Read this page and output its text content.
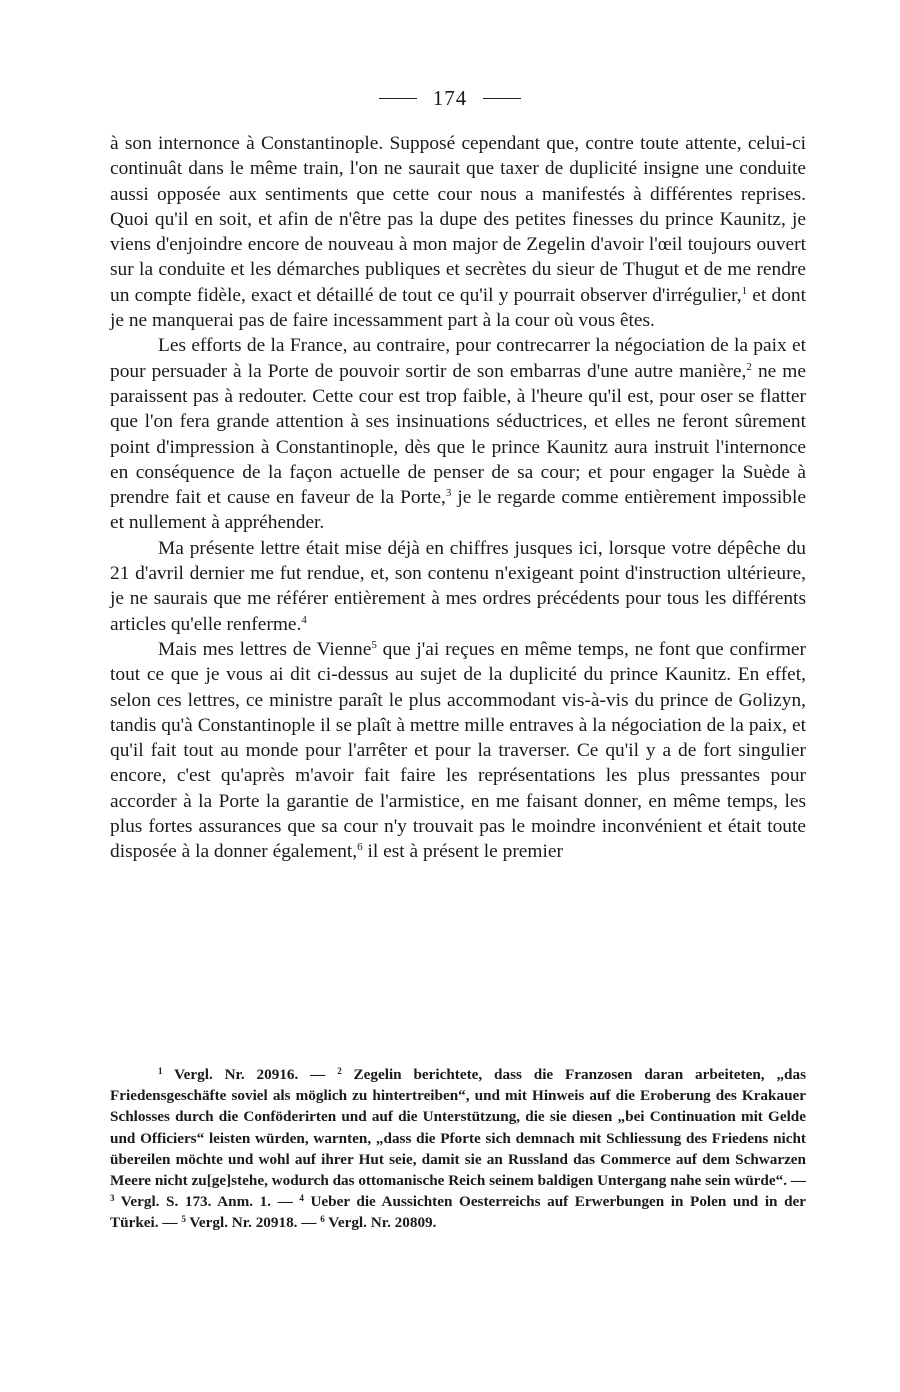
174

à son internonce à Constantinople. Supposé cependant que, contre toute attente, celui-ci continuât dans le même train, l'on ne saurait que taxer de duplicité insigne une conduite aussi opposée aux sentiments que cette cour nous a manifestés à différentes reprises. Quoi qu'il en soit, et afin de n'être pas la dupe des petites finesses du prince Kaunitz, je viens d'enjoindre encore de nouveau à mon major de Zegelin d'avoir l'œil toujours ouvert sur la conduite et les démarches publiques et secrètes du sieur de Thugut et de me rendre un compte fidèle, exact et détaillé de tout ce qu'il y pourrait observer d'irrégulier,$^1$ et dont je ne manquerai pas de faire incessamment part à la cour où vous êtes.

Les efforts de la France, au contraire, pour contrecarrer la négociation de la paix et pour persuader à la Porte de pouvoir sortir de son embarras d'une autre manière,$^2$ ne me paraissent pas à redouter. Cette cour est trop faible, à l'heure qu'il est, pour oser se flatter que l'on fera grande attention à ses insinuations séductrices, et elles ne feront sûrement point d'impression à Constantinople, dès que le prince Kaunitz aura instruit l'internonce en conséquence de la façon actuelle de penser de sa cour; et pour engager la Suède à prendre fait et cause en faveur de la Porte,$^3$ je le regarde comme entièrement impossible et nullement à appréhender.

Ma présente lettre était mise déjà en chiffres jusques ici, lorsque votre dépêche du 21 d'avril dernier me fut rendue, et, son contenu n'exigeant point d'instruction ultérieure, je ne saurais que me référer entièrement à mes ordres précédents pour tous les différents articles qu'elle renferme.$^4$

Mais mes lettres de Vienne$^5$ que j'ai reçues en même temps, ne font que confirmer tout ce que je vous ai dit ci-dessus au sujet de la duplicité du prince Kaunitz. En effet, selon ces lettres, ce ministre paraît le plus accommodant vis-à-vis du prince de Golizyn, tandis qu'à Constantinople il se plaît à mettre mille entraves à la négociation de la paix, et qu'il fait tout au monde pour l'arrêter et pour la traverser. Ce qu'il y a de fort singulier encore, c'est qu'après m'avoir fait faire les représentations les plus pressantes pour accorder à la Porte la garantie de l'armistice, en me faisant donner, en même temps, les plus fortes assurances que sa cour n'y trouvait pas le moindre inconvénient et était toute disposée à la donner également,$^6$ il est à présent le premier

$^1$ Vergl. Nr. 20916. — $^2$ Zegelin berichtete, dass die Franzosen daran arbeiteten, „das Friedensgeschäfte soviel als möglich zu hintertreiben“, und mit Hinweis auf die Eroberung des Krakauer Schlosses durch die Conföderirten und auf die Unterstützung, die sie diesen „bei Continuation mit Gelde und Officiers“ leisten würden, warnten, „dass die Pforte sich demnach mit Schliessung des Friedens nicht übereilen möchte und wohl auf ihrer Hut seie, damit sie an Russland das Commerce auf dem Schwarzen Meere nicht zu[ge]stehe, wodurch das ottomanische Reich seinem baldigen Untergang nahe sein würde“. — $^3$ Vergl. S. 173. Anm. 1. — $^4$ Ueber die Aussichten Oesterreichs auf Erwerbungen in Polen und in der Türkei. — $^5$ Vergl. Nr. 20918. — $^6$ Vergl. Nr. 20809.
